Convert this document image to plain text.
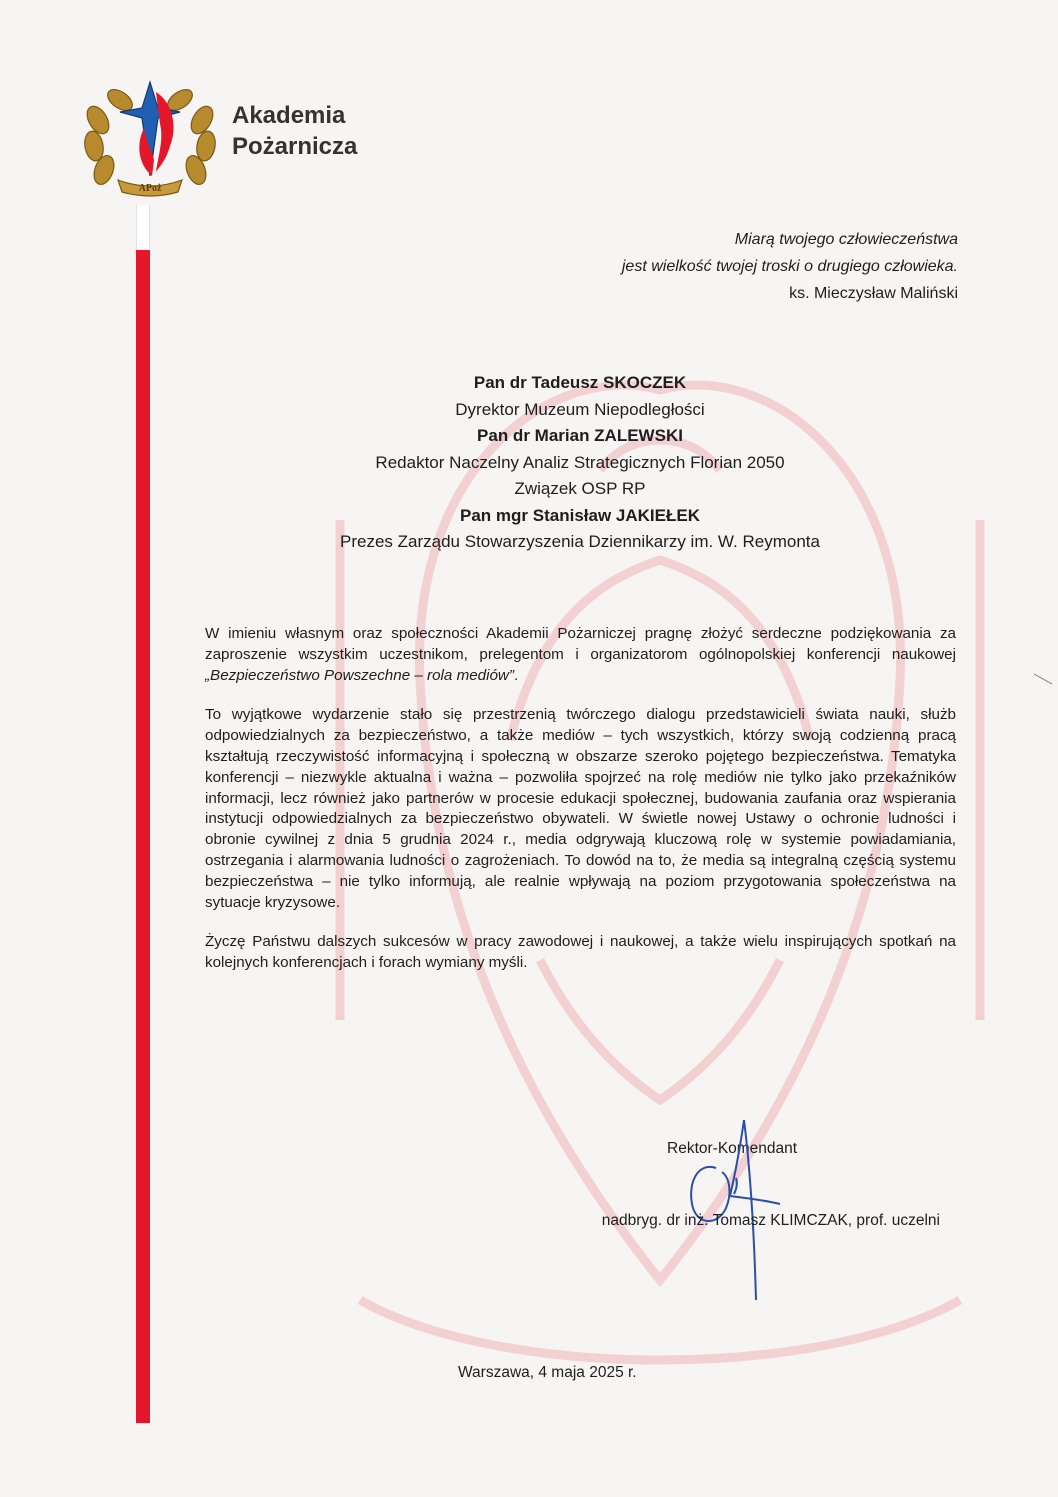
APoż
Akademia
Pożarnicza
Miarą twojego człowieczeństwa
jest wielkość twojej troski o drugiego człowieka.
ks. Mieczysław Maliński
Pan dr Tadeusz SKOCZEK
Dyrektor Muzeum Niepodległości
Pan dr Marian ZALEWSKI
Redaktor Naczelny Analiz Strategicznych Florian 2050
Związek OSP RP
Pan mgr Stanisław JAKIEŁEK
Prezes Zarządu Stowarzyszenia Dziennikarzy im. W. Reymonta

W imieniu własnym oraz społeczności Akademii Pożarniczej pragnę złożyć serdeczne podziękowania za zaproszenie wszystkim uczestnikom, prelegentom i organizatorom ogólnopolskiej konferencji naukowej „Bezpieczeństwo Powszechne – rola mediów”.

To wyjątkowe wydarzenie stało się przestrzenią twórczego dialogu przedstawicieli świata nauki, służb odpowiedzialnych za bezpieczeństwo, a także mediów – tych wszystkich, którzy swoją codzienną pracą kształtują rzeczywistość informacyjną i społeczną w obszarze szeroko pojętego bezpieczeństwa. Tematyka konferencji – niezwykle aktualna i ważna – pozwoliła spojrzeć na rolę mediów nie tylko jako przekaźników informacji, lecz również jako partnerów w procesie edukacji społecznej, budowania zaufania oraz wspierania instytucji odpowiedzialnych za bezpieczeństwo obywateli. W świetle nowej Ustawy o ochronie ludności i obronie cywilnej z dnia 5 grudnia 2024 r., media odgrywają kluczową rolę w systemie powiadamiania, ostrzegania i alarmowania ludności o zagrożeniach. To dowód na to, że media są integralną częścią systemu bezpieczeństwa – nie tylko informują, ale realnie wpływają na poziom przygotowania społeczeństwa na sytuacje kryzysowe.

Życzę Państwu dalszych sukcesów w pracy zawodowej i naukowej, a także wielu inspirujących spotkań na kolejnych konferencjach i forach wymiany myśli.

Rektor-Komendant
nadbryg. dr inż. Tomasz KLIMCZAK, prof. uczelni
Warszawa, 4 maja 2025 r.
